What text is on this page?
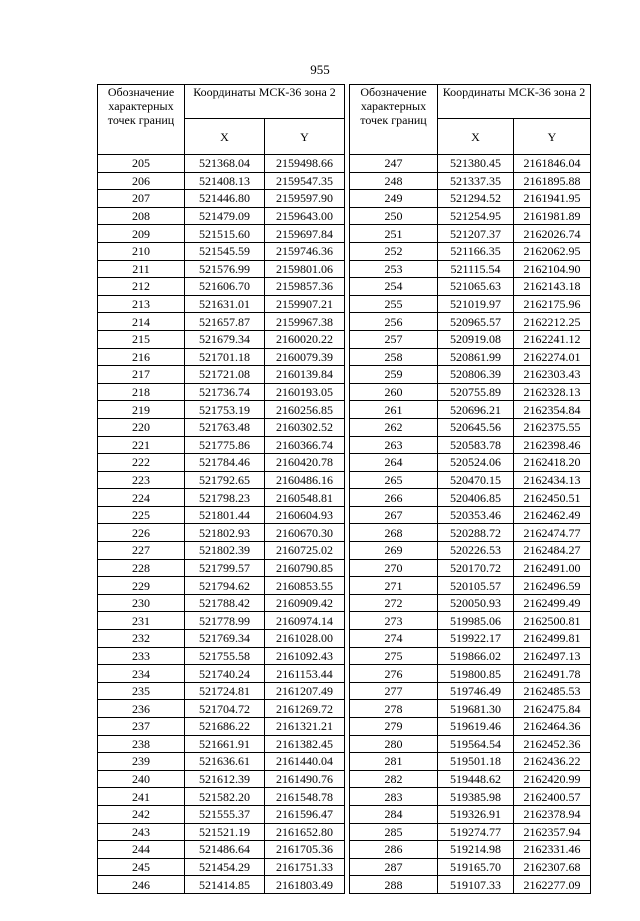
955
Обозначение характерных точек границ	Координаты МСК-36 зона 2	
	X	Y
205	521368.04	2159498.66
206	521408.13	2159547.35
207	521446.80	2159597.90
208	521479.09	2159643.00
209	521515.60	2159697.84
210	521545.59	2159746.36
211	521576.99	2159801.06
212	521606.70	2159857.36
213	521631.01	2159907.21
214	521657.87	2159967.38
215	521679.34	2160020.22
216	521701.18	2160079.39
217	521721.08	2160139.84
218	521736.74	2160193.05
219	521753.19	2160256.85
220	521763.48	2160302.52
221	521775.86	2160366.74
222	521784.46	2160420.78
223	521792.65	2160486.16
224	521798.23	2160548.81
225	521801.44	2160604.93
226	521802.93	2160670.30
227	521802.39	2160725.02
228	521799.57	2160790.85
229	521794.62	2160853.55
230	521788.42	2160909.42
231	521778.99	2160974.14
232	521769.34	2161028.00
233	521755.58	2161092.43
234	521740.24	2161153.44
235	521724.81	2161207.49
236	521704.72	2161269.72
237	521686.22	2161321.21
238	521661.91	2161382.45
239	521636.61	2161440.04
240	521612.39	2161490.76
241	521582.20	2161548.78
242	521555.37	2161596.47
243	521521.19	2161652.80
244	521486.64	2161705.36
245	521454.29	2161751.33
246	521414.85	2161803.49
Обозначение характерных точек границ	Координаты МСК-36 зона 2	
	X	Y
247	521380.45	2161846.04
248	521337.35	2161895.88
249	521294.52	2161941.95
250	521254.95	2161981.89
251	521207.37	2162026.74
252	521166.35	2162062.95
253	521115.54	2162104.90
254	521065.63	2162143.18
255	521019.97	2162175.96
256	520965.57	2162212.25
257	520919.08	2162241.12
258	520861.99	2162274.01
259	520806.39	2162303.43
260	520755.89	2162328.13
261	520696.21	2162354.84
262	520645.56	2162375.55
263	520583.78	2162398.46
264	520524.06	2162418.20
265	520470.15	2162434.13
266	520406.85	2162450.51
267	520353.46	2162462.49
268	520288.72	2162474.77
269	520226.53	2162484.27
270	520170.72	2162491.00
271	520105.57	2162496.59
272	520050.93	2162499.49
273	519985.06	2162500.81
274	519922.17	2162499.81
275	519866.02	2162497.13
276	519800.85	2162491.78
277	519746.49	2162485.53
278	519681.30	2162475.84
279	519619.46	2162464.36
280	519564.54	2162452.36
281	519501.18	2162436.22
282	519448.62	2162420.99
283	519385.98	2162400.57
284	519326.91	2162378.94
285	519274.77	2162357.94
286	519214.98	2162331.46
287	519165.70	2162307.68
288	519107.33	2162277.09
